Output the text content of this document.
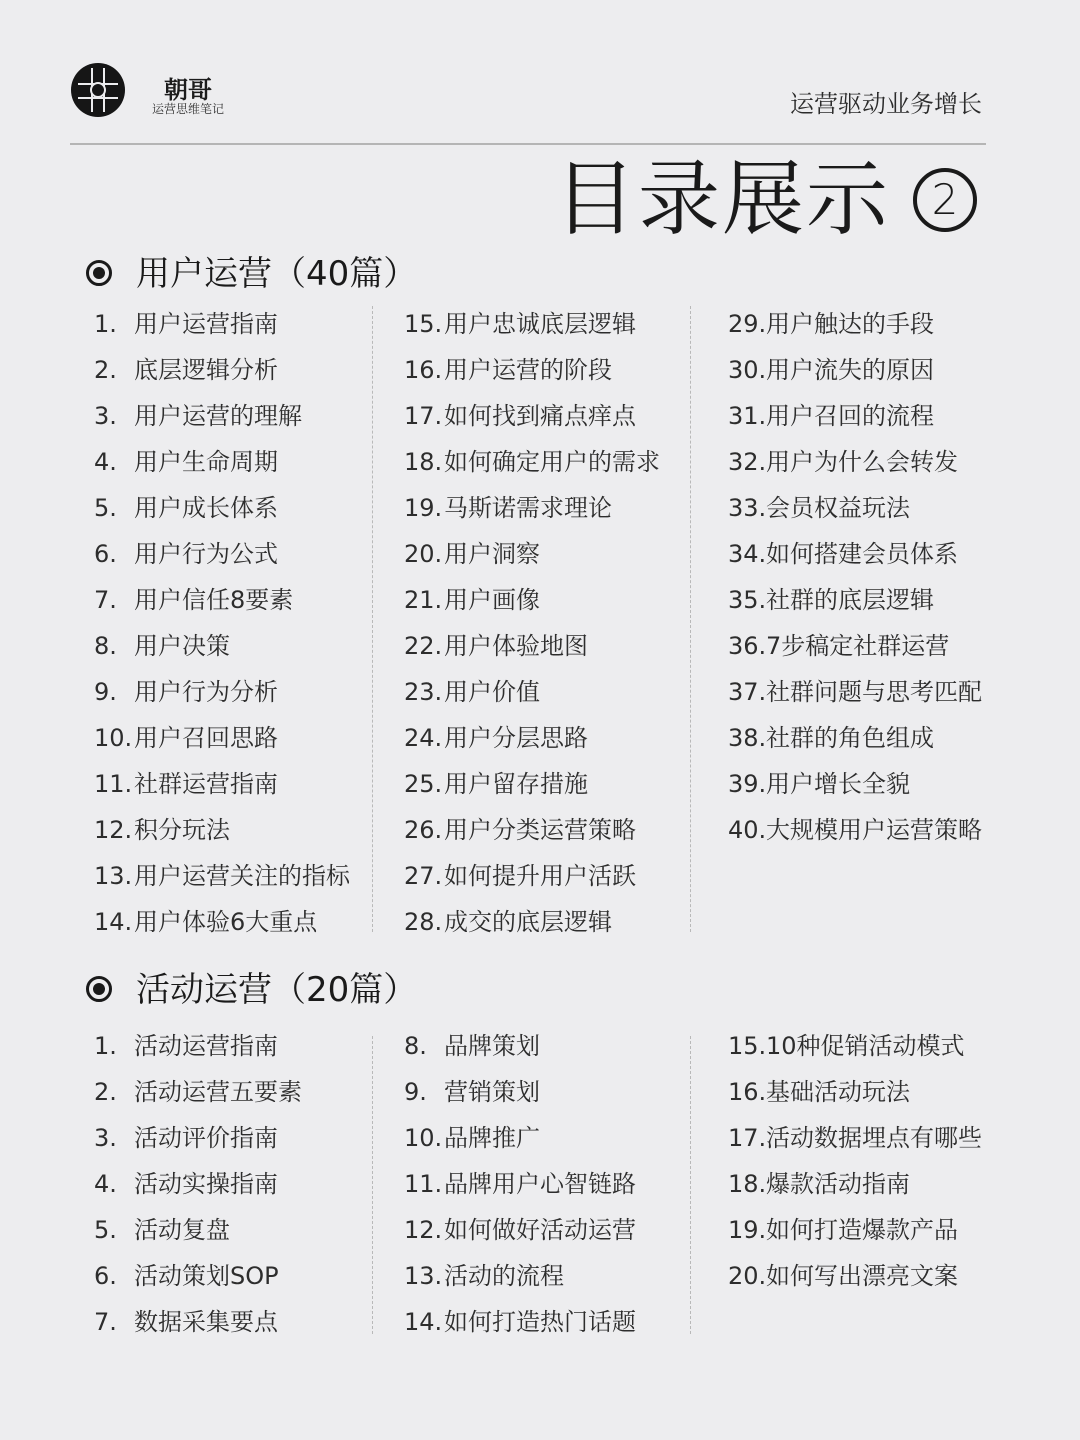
朝哥
运营思维笔记	运营驱动业务增长
目录展示 2
用户运营（40篇）
1. 用户运营指南
2. 底层逻辑分析
3. 用户运营的理解
4. 用户生命周期
5. 用户成长体系
6. 用户行为公式
7. 用户信任8要素
8. 用户决策
9. 用户行为分析
10. 用户召回思路
11. 社群运营指南
12. 积分玩法
13. 用户运营关注的指标
14. 用户体验6大重点
15. 用户忠诚底层逻辑
16. 用户运营的阶段
17. 如何找到痛点痒点
18. 如何确定用户的需求
19. 马斯诺需求理论
20. 用户洞察
21. 用户画像
22. 用户体验地图
23. 用户价值
24. 用户分层思路
25. 用户留存措施
26. 用户分类运营策略
27. 如何提升用户活跃
28. 成交的底层逻辑
29. 用户触达的手段
30. 用户流失的原因
31. 用户召回的流程
32. 用户为什么会转发
33. 会员权益玩法
34. 如何搭建会员体系
35. 社群的底层逻辑
36. 7步稿定社群运营
37. 社群问题与思考匹配
38. 社群的角色组成
39. 用户增长全貌
40. 大规模用户运营策略
活动运营（20篇）
1. 活动运营指南
2. 活动运营五要素
3. 活动评价指南
4. 活动实操指南
5. 活动复盘
6. 活动策划SOP
7. 数据采集要点
8. 品牌策划
9. 营销策划
10. 品牌推广
11. 品牌用户心智链路
12. 如何做好活动运营
13. 活动的流程
14. 如何打造热门话题
15. 10种促销活动模式
16. 基础活动玩法
17. 活动数据埋点有哪些
18. 爆款活动指南
19. 如何打造爆款产品
20. 如何写出漂亮文案
